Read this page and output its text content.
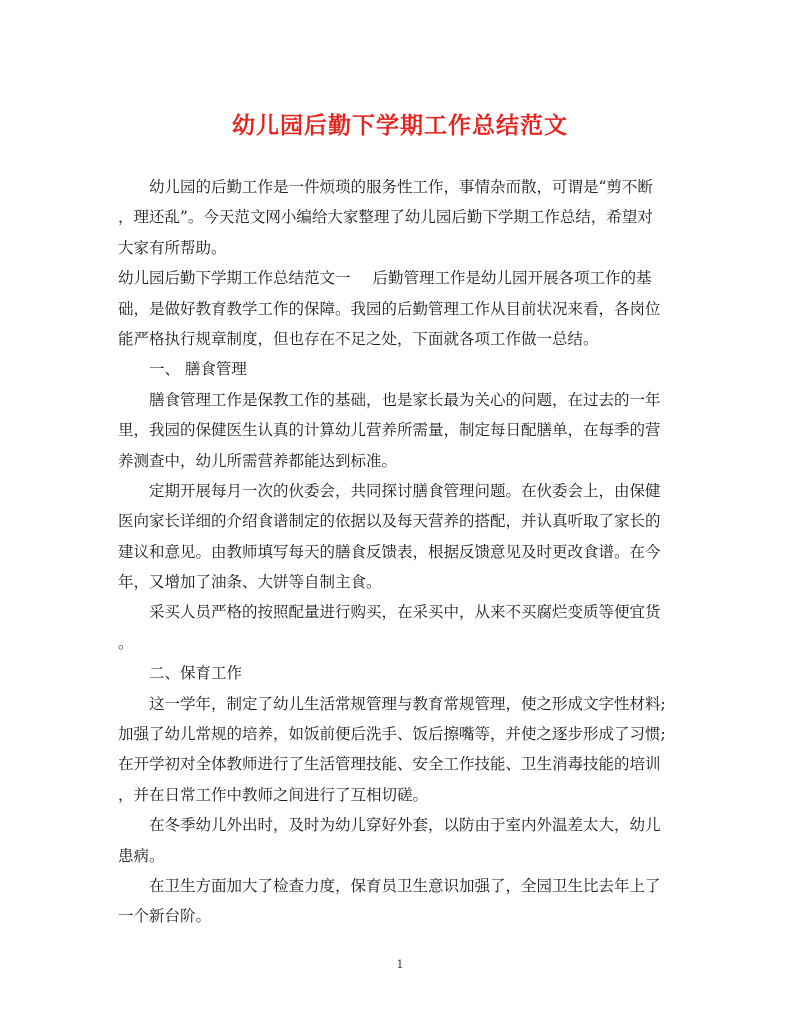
幼儿园后勤下学期工作总结范文
幼儿园的后勤工作是一件烦琐的服务性工作，事情杂而散，可谓是“剪不断
，理还乱”。今天范文网小编给大家整理了幼儿园后勤下学期工作总结，希望对
大家有所帮助。
幼儿园后勤下学期工作总结范文一 后勤管理工作是幼儿园开展各项工作的基
础，是做好教育教学工作的保障。我园的后勤管理工作从目前状况来看，各岗位
能严格执行规章制度，但也存在不足之处，下面就各项工作做一总结。
一、 膳食管理
膳食管理工作是保教工作的基础，也是家长最为关心的问题，在过去的一年
里，我园的保健医生认真的计算幼儿营养所需量，制定每日配膳单，在每季的营
养测查中，幼儿所需营养都能达到标准。
定期开展每月一次的伙委会，共同探讨膳食管理问题。在伙委会上，由保健
医向家长详细的介绍食谱制定的依据以及每天营养的搭配，并认真听取了家长的
建议和意见。由教师填写每天的膳食反馈表，根据反馈意见及时更改食谱。在今
年，又增加了油条、大饼等自制主食。
采买人员严格的按照配量进行购买，在采买中，从来不买腐烂变质等便宜货
。
二、保育工作
这一学年，制定了幼儿生活常规管理与教育常规管理，使之形成文字性材料;
加强了幼儿常规的培养，如饭前便后洗手、饭后擦嘴等，并使之逐步形成了习惯;
在开学初对全体教师进行了生活管理技能、安全工作技能、卫生消毒技能的培训
，并在日常工作中教师之间进行了互相切磋。
在冬季幼儿外出时，及时为幼儿穿好外套，以防由于室内外温差太大，幼儿
患病。
在卫生方面加大了检查力度，保育员卫生意识加强了，全园卫生比去年上了
一个新台阶。
1
